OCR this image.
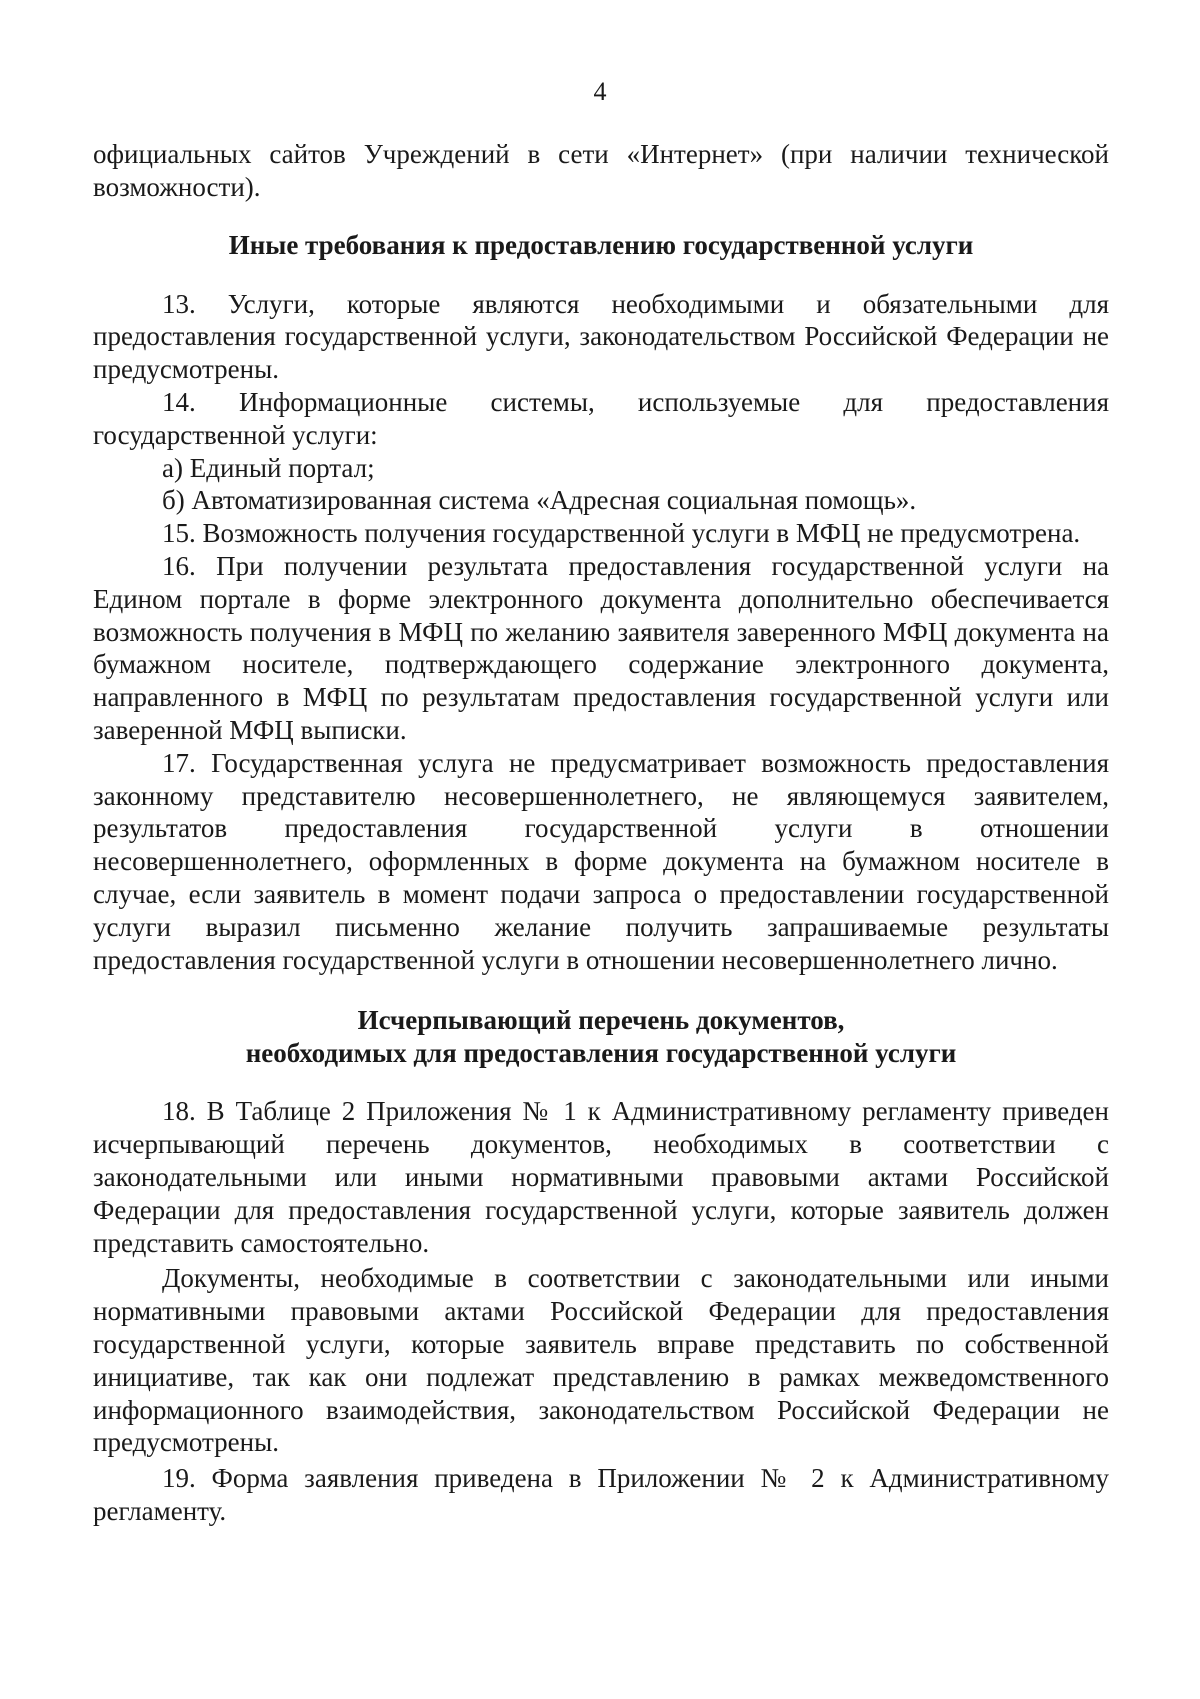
4

официальных сайтов Учреждений в сети «Интернет» (при наличии технической возможности).

Иные требования к предоставлению государственной услуги

13. Услуги, которые являются необходимыми и обязательными для предоставления государственной услуги, законодательством Российской Федерации не предусмотрены.

14. Информационные системы, используемые для предоставления государственной услуги:

а) Единый портал;

б) Автоматизированная система «Адресная социальная помощь».

15. Возможность получения государственной услуги в МФЦ не предусмотрена.

16. При получении результата предоставления государственной услуги на Едином портале в форме электронного документа дополнительно обеспечивается возможность получения в МФЦ по желанию заявителя заверенного МФЦ документа на бумажном носителе, подтверждающего содержание электронного документа, направленного в МФЦ по результатам предоставления государственной услуги или заверенной МФЦ выписки.

17. Государственная услуга не предусматривает возможность предоставления законному представителю несовершеннолетнего, не являющемуся заявителем, результатов предоставления государственной услуги в отношении несовершеннолетнего, оформленных в форме документа на бумажном носителе в случае, если заявитель в момент подачи запроса о предоставлении государственной услуги выразил письменно желание получить запрашиваемые результаты предоставления государственной услуги в отношении несовершеннолетнего лично.

Исчерпывающий перечень документов,
необходимых для предоставления государственной услуги

18. В Таблице 2 Приложения № 1 к Административному регламенту приведен исчерпывающий перечень документов, необходимых в соответствии с законодательными или иными нормативными правовыми актами Российской Федерации для предоставления государственной услуги, которые заявитель должен представить самостоятельно.

Документы, необходимые в соответствии с законодательными или иными нормативными правовыми актами Российской Федерации для предоставления государственной услуги, которые заявитель вправе представить по собственной инициативе, так как они подлежат представлению в рамках межведомственного информационного взаимодействия, законодательством Российской Федерации не предусмотрены.

19. Форма заявления приведена в Приложении № 2 к Административному регламенту.
